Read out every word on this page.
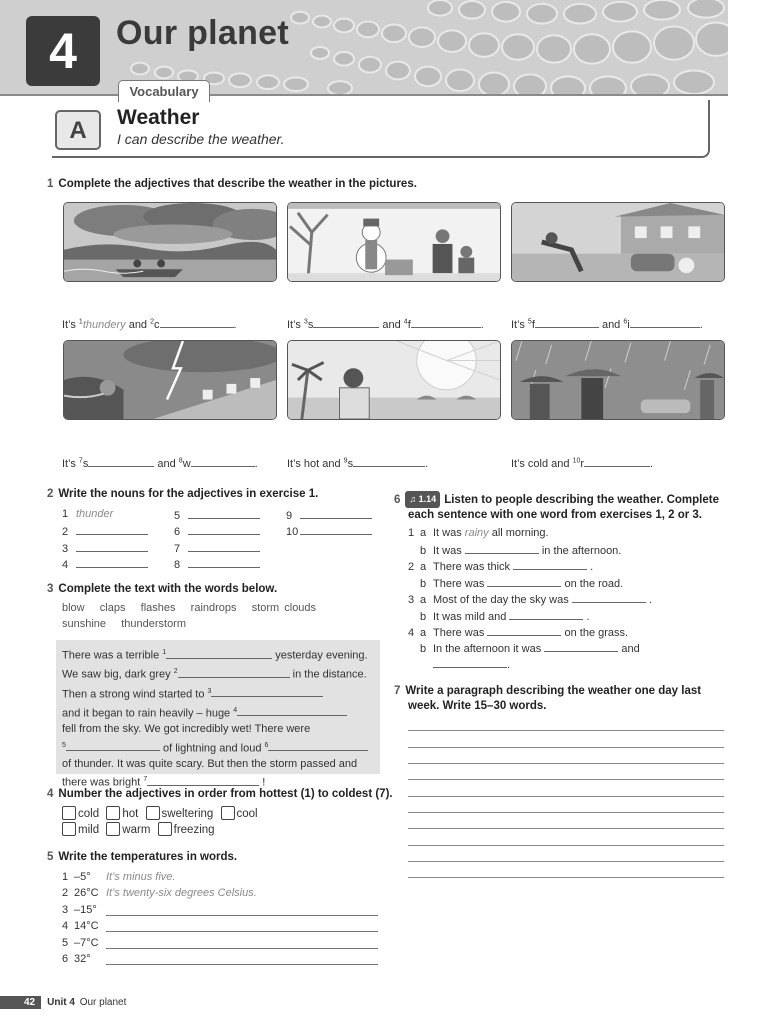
4	Our planet
Vocabulary
A	Weather
I can describe the weather.
1 Complete the adjectives that describe the weather in the pictures.
It’s $^1$thundery and $^2$c	.	It’s $^3$s	and $^4$f	. It’s $^5$f	and $^6$i	.
It’s $^7$s	and $^8$w	.	It’s hot and $^9$s	.	It’s cold and $^{10}$r	.
2 Write the nouns for the adjectives in exercise 1.
1 thunder
2
3
4
5
6
7
8
9
10
3 Complete the text with the words below.
blow   claps   flashes   raindrops   storm clouds
sunshine   thunderstorm
There was a terrible $^1$	yesterday evening.
We saw big, dark grey $^2$	in the distance.
Then a strong wind started to $^3$
and it began to rain heavily – huge $^4$
fell from the sky. We got incredibly wet! There were
$^5$	of lightning and loud $^6$
of thunder. It was quite scary. But then the storm passed and
there was bright $^7$	!
4 Number the adjectives in order from hottest (1) to coldest (7).
cold hot sweltering cool
mild warm freezing
5 Write the temperatures in words.
1 –5° It’s minus five.
2 26°C It’s twenty-six degrees Celsius.
3 –15°
4 14°C
5 –7°C
6 32°
6 ♫ 1.14 Listen to people describing the weather. Complete
each sentence with one word from exercises 1, 2 or 3.
1 a It was rainy all morning.
b It was	in the afternoon.
2 a There was thick	.
b There was	on the road.
3 a Most of the day the sky was	.
b It was mild and	.
4 a There was	on the grass.
b In the afternoon it was	and
.
7 Write a paragraph describing the weather one day last
week. Write 15–30 words.
42 Unit 4 Our planet
